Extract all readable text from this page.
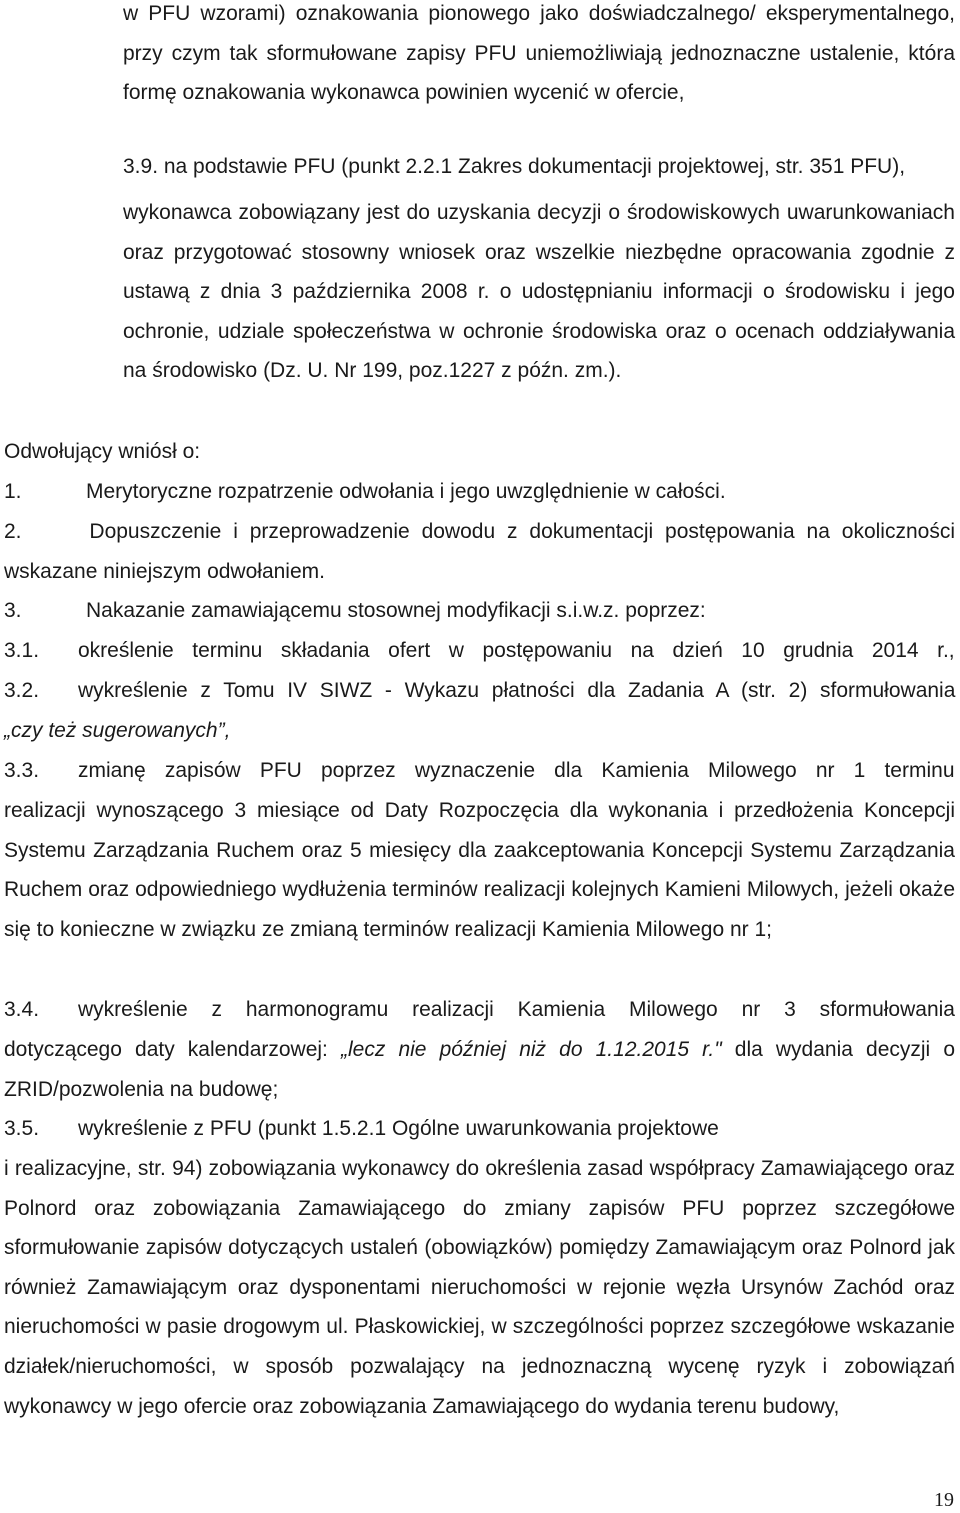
w PFU wzorami) oznakowania pionowego jako doświadczalnego/ eksperymentalnego, przy czym tak sformułowane zapisy PFU uniemożliwiają jednoznaczne ustalenie, która formę oznakowania wykonawca powinien wycenić w ofercie,
3.9. na podstawie PFU (punkt 2.2.1 Zakres dokumentacji projektowej, str. 351 PFU),
wykonawca zobowiązany jest do uzyskania decyzji o środowiskowych uwarunkowaniach oraz przygotować stosowny wniosek oraz wszelkie niezbędne opracowania zgodnie z ustawą z dnia 3 października 2008 r. o udostępnianiu informacji o środowisku i jego ochronie, udziale społeczeństwa w ochronie środowiska oraz o ocenach oddziaływania na środowisko (Dz. U. Nr 199, poz.1227 z późn. zm.).
Odwołujący wniósł o:
1.	Merytoryczne rozpatrzenie odwołania i jego uwzględnienie w całości.
2.	Dopuszczenie i przeprowadzenie dowodu z dokumentacji postępowania na okoliczności wskazane niniejszym odwołaniem.
3.	Nakazanie zamawiającemu stosownej modyfikacji s.i.w.z. poprzez:
3.1. określenie terminu składania ofert w postępowaniu na dzień 10 grudnia 2014 r.,
3.2. wykreślenie z Tomu IV SIWZ - Wykazu płatności dla Zadania A (str. 2) sformułowania
„czy też sugerowanych”,
3.3. zmianę zapisów PFU poprzez wyznaczenie dla Kamienia Milowego nr 1 terminu
realizacji wynoszącego 3 miesiące od Daty Rozpoczęcia dla wykonania i przedłożenia Koncepcji Systemu Zarządzania Ruchem oraz 5 miesięcy dla zaakceptowania Koncepcji Systemu Zarządzania Ruchem oraz odpowiedniego wydłużenia terminów realizacji kolejnych Kamieni Milowych, jeżeli okaże się to konieczne w związku ze zmianą terminów realizacji Kamienia Milowego nr 1;
3.4. wykreślenie z harmonogramu realizacji Kamienia Milowego nr 3 sformułowania
dotyczącego daty kalendarzowej: „lecz nie później niż do 1.12.2015 r." dla wydania decyzji o ZRID/pozwolenia na budowę;
3.5. wykreślenie z PFU (punkt 1.5.2.1 Ogólne uwarunkowania projektowe
i realizacyjne, str. 94) zobowiązania wykonawcy do określenia zasad współpracy Zamawiającego oraz Polnord oraz zobowiązania Zamawiającego do zmiany zapisów PFU poprzez szczegółowe sformułowanie zapisów dotyczących ustaleń (obowiązków) pomiędzy Zamawiającym oraz Polnord jak również Zamawiającym oraz dysponentami nieruchomości w rejonie węzła Ursynów Zachód oraz nieruchomości w pasie drogowym ul. Płaskowickiej, w szczególności poprzez szczegółowe wskazanie działek/nieruchomości, w sposób pozwalający na jednoznaczną wycenę ryzyk i zobowiązań wykonawcy w jego ofercie oraz zobowiązania Zamawiającego do wydania terenu budowy,
19
